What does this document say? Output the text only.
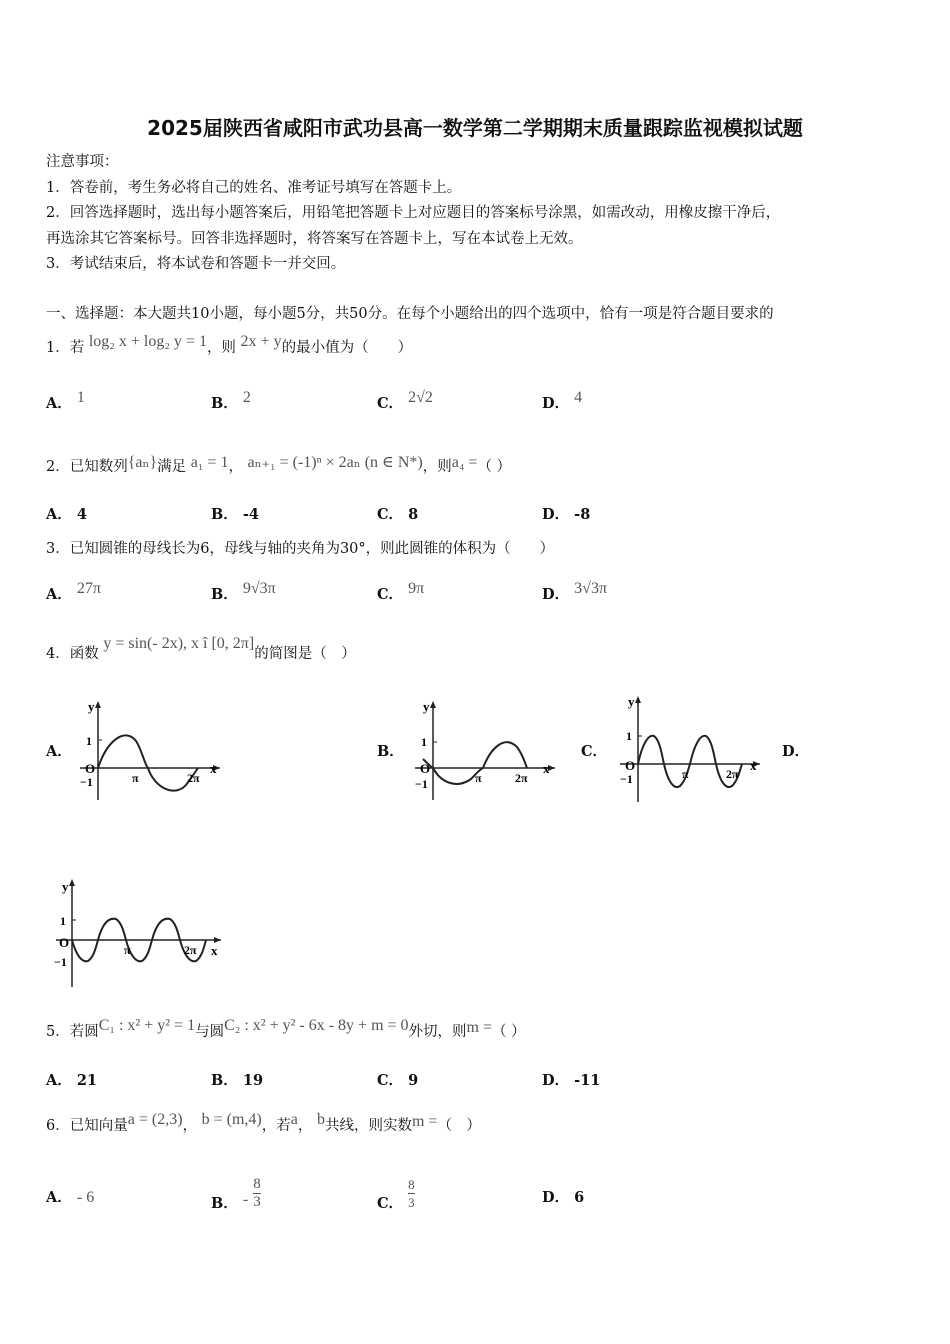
2025届陕西省咸阳市武功县高一数学第二学期期末质量跟踪监视模拟试题
注意事项：
1．答卷前，考生务必将自己的姓名、准考证号填写在答题卡上。
2．回答选择题时，选出每小题答案后，用铅笔把答题卡上对应题目的答案标号涂黑，如需改动，用橡皮擦干净后，
再选涂其它答案标号。回答非选择题时，将答案写在答题卡上，写在本试卷上无效。
3．考试结束后，将本试卷和答题卡一并交回。
一、选择题：本大题共10小题，每小题5分，共50分。在每个小题给出的四个选项中，恰有一项是符合题目要求的
1．若 log₂ x + log₂ y = 1，则 2x + y的最小值为（　　）
A． 1	B． 2	C． 2√2	D． 4
2．已知数列{aₙ}满足 a₁ = 1， aₙ₊₁ = (-1)ⁿ × 2aₙ (n ∈ N*)，则a₄ =（ ）
A． 4	B． -4	C． 8	D． -8
3．已知圆锥的母线长为6，母线与轴的夹角为30°，则此圆锥的体积为（　　）
A． 27π	B． 9√3π	C． 9π	D． 3√3π
4．函数 y = sin(- 2x), x î [0, 2π]的简图是（　）
A．	B．	C．	D．
y
1
O
−1	π	2π
x
y
1
O
−1	π	2π
x
y
1
O
−1	π	2π
x
y
1
O
−1
π	2π x
5．若圆C₁ : x² + y² = 1与圆C₂ : x² + y² - 6x - 8y + m = 0外切，则m =（ ）
A． 21	B． 19	C． 9	D． -11
6．已知向量a = (2,3)， b = (m,4)，若a， b共线，则实数m =（　）
A． - 6	B． - $\frac{8}{3}$	C． $\frac{8}{3}$	D． 6
